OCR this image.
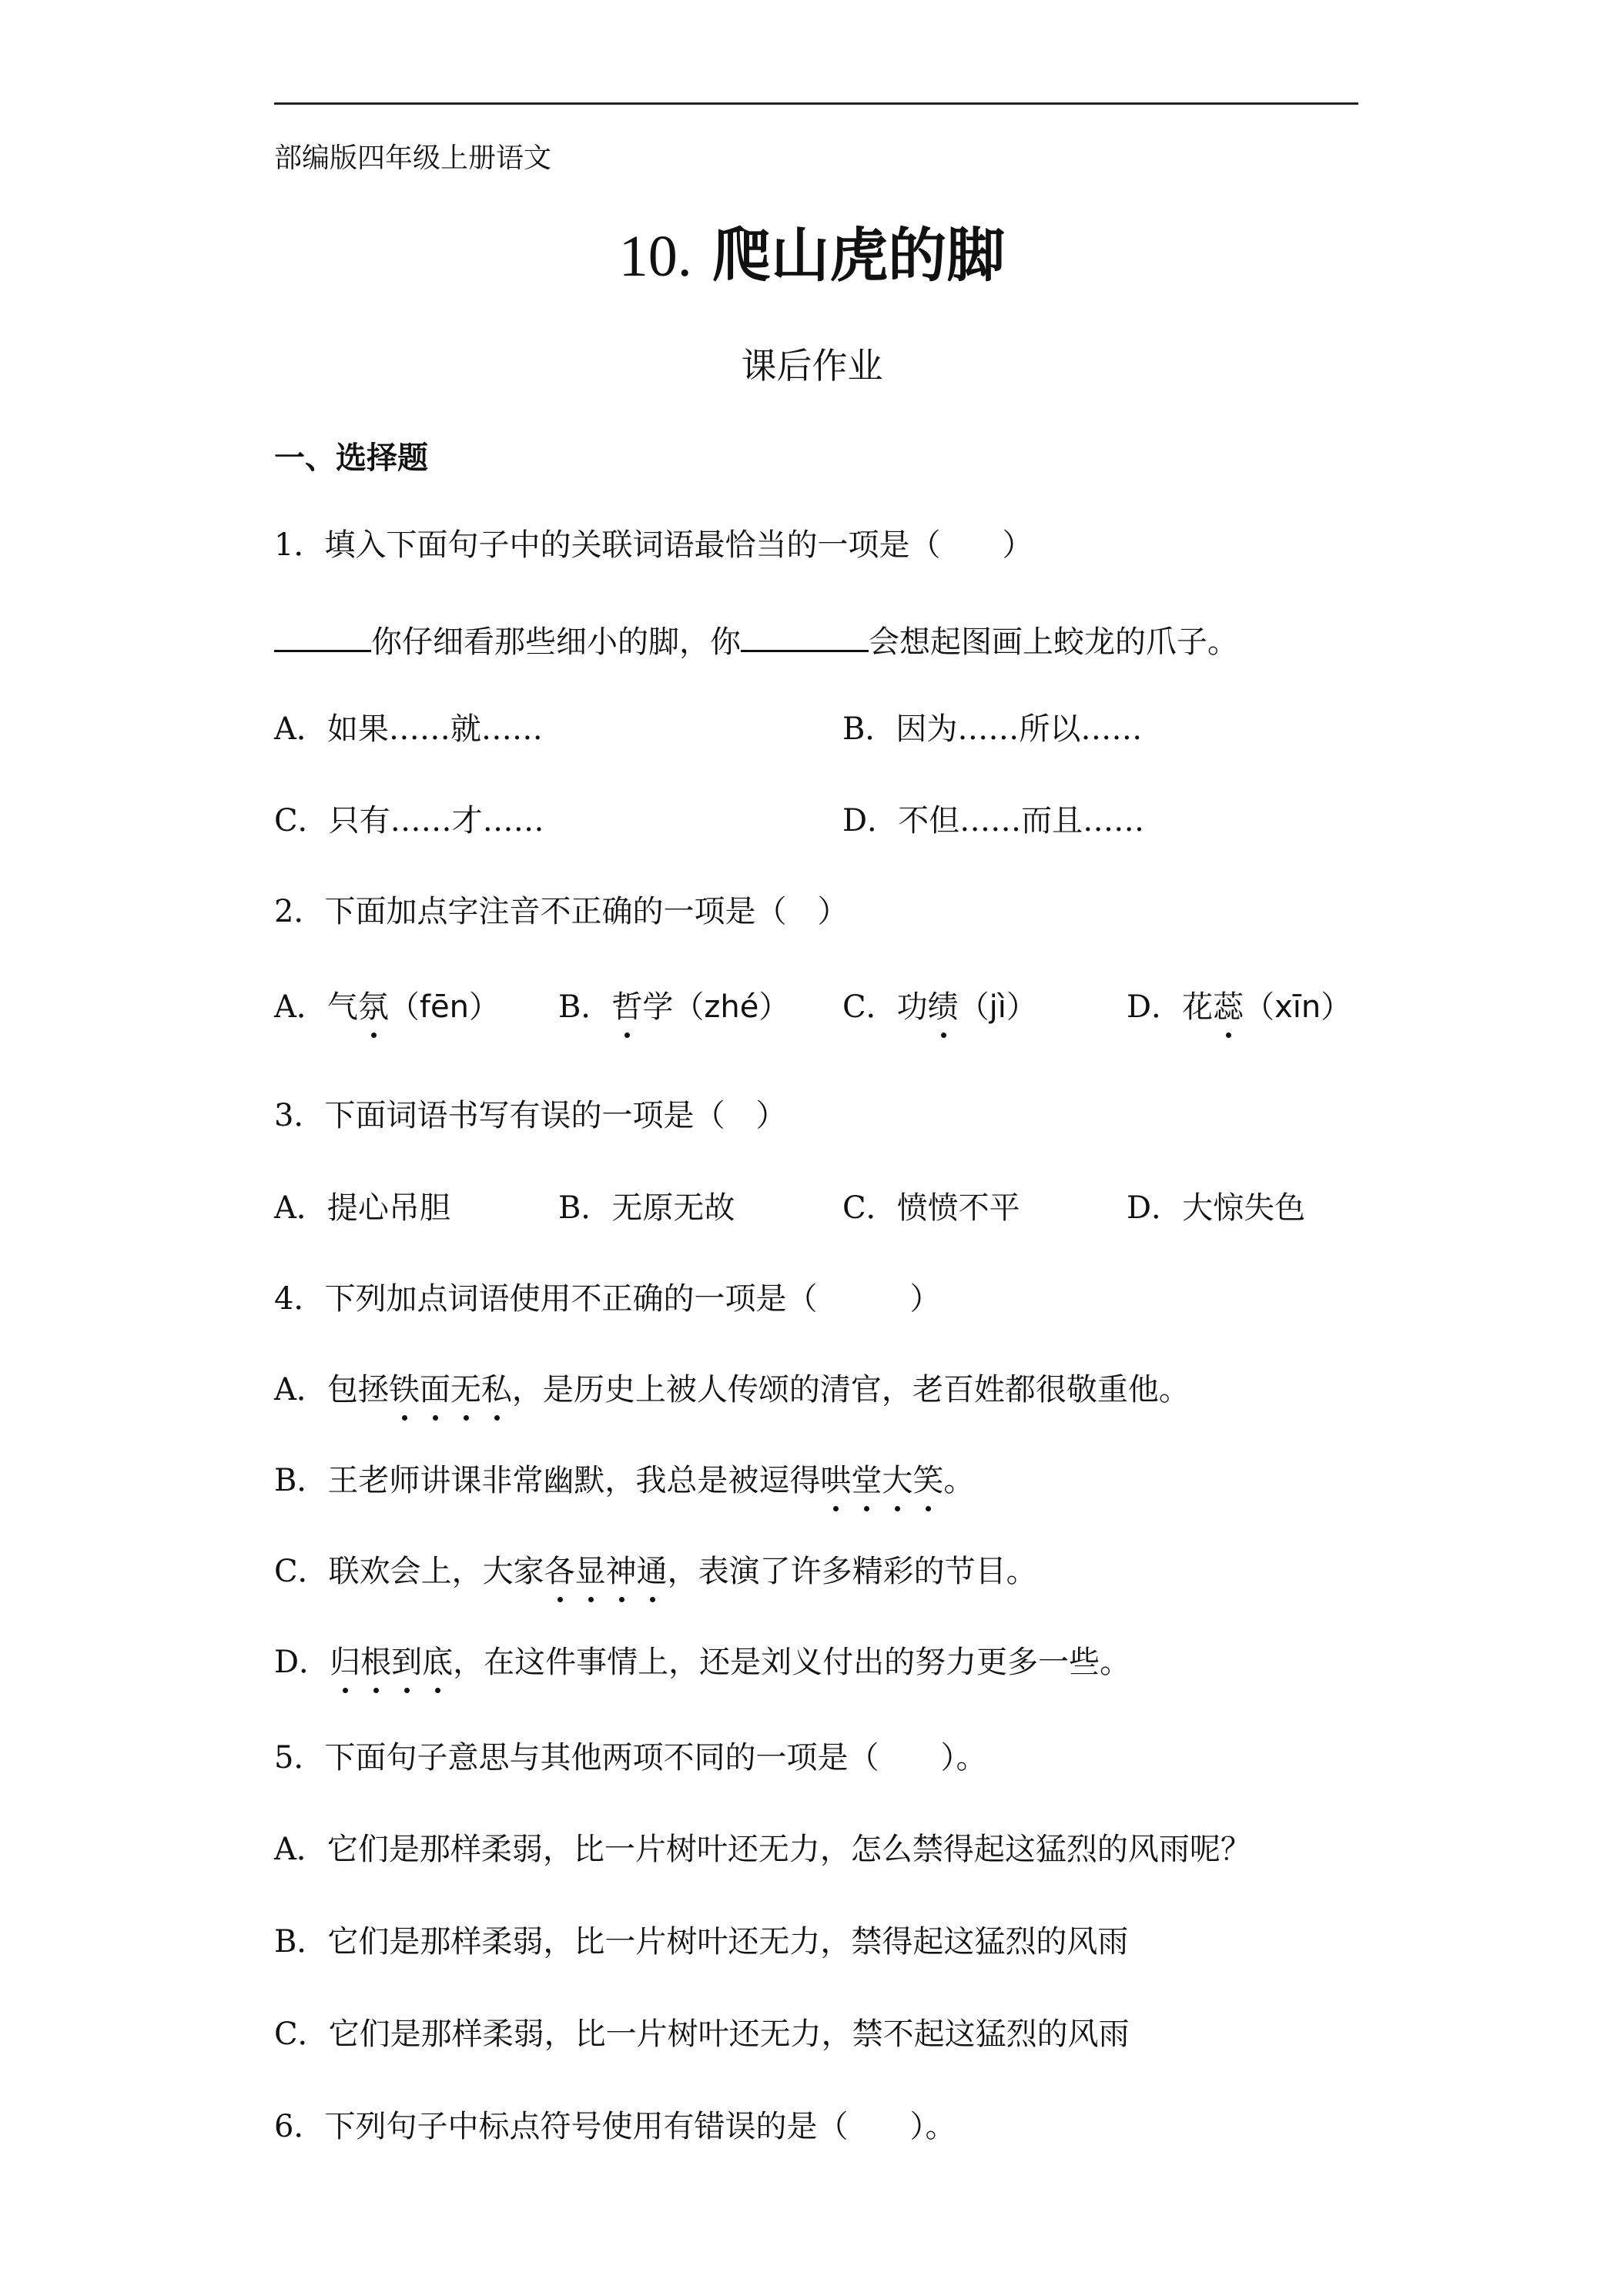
部编版四年级上册语文
10. 爬山虎的脚
课后作业
一、选择题
1．填入下面句子中的关联词语最恰当的一项是（　　）
你仔细看那些细小的脚，你	会想起图画上蛟龙的爪子。
A．如果……就……	B．因为……所以……
C．只有……才……	D．不但……而且……
2．下面加点字注音不正确的一项是（　）
A．气氛（fēn） B．哲学（zhé） C．功绩（jì）	D．花蕊（xīn）
3．下面词语书写有误的一项是（　）
A．提心吊胆	B．无原无故	C．愤愤不平	D．大惊失色
4．下列加点词语使用不正确的一项是（　　　）
A．包拯铁面无私，是历史上被人传颂的清官，老百姓都很敬重他。
B．王老师讲课非常幽默，我总是被逗得哄堂大笑。
C．联欢会上，大家各显神通，表演了许多精彩的节目。
D．归根到底，在这件事情上，还是刘义付出的努力更多一些。
5．下面句子意思与其他两项不同的一项是（　　）。
A．它们是那样柔弱，比一片树叶还无力，怎么禁得起这猛烈的风雨呢？
B．它们是那样柔弱，比一片树叶还无力，禁得起这猛烈的风雨
C．它们是那样柔弱，比一片树叶还无力，禁不起这猛烈的风雨
6．下列句子中标点符号使用有错误的是（　　）。
